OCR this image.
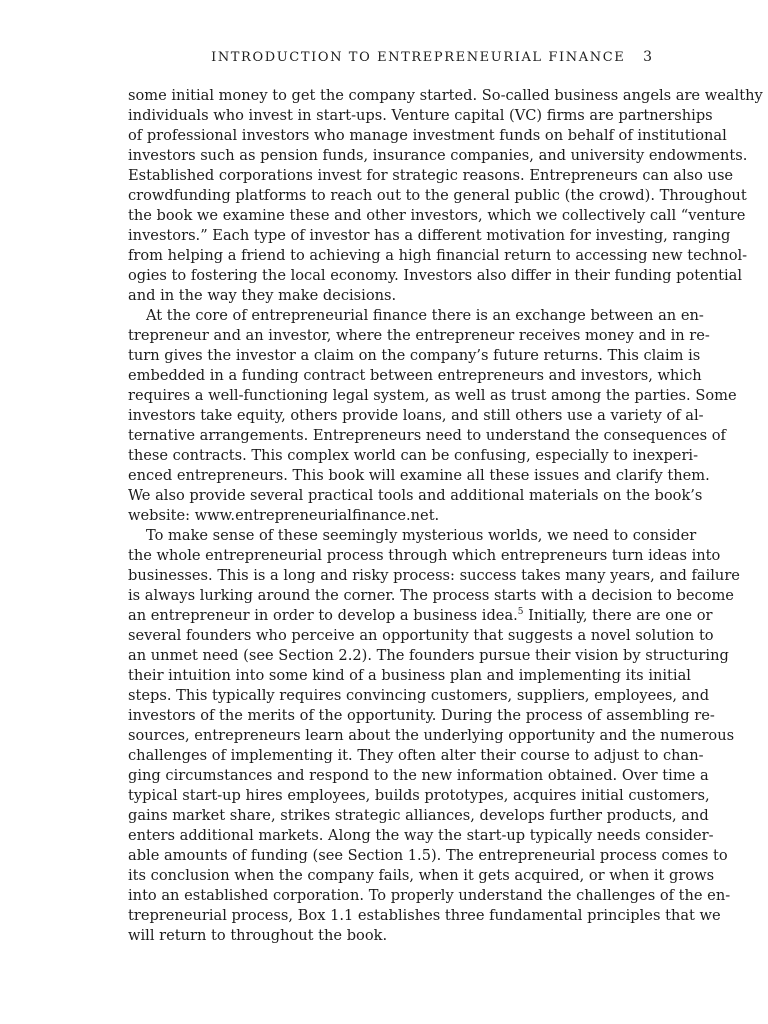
INTRODUCTION TO ENTREPRENEURIAL FINANCE 3
some initial money to get the company started. So-called business angels are wealthy
individuals who invest in start-ups. Venture capital (VC) firms are partnerships
of professional investors who manage investment funds on behalf of institutional
investors such as pension funds, insurance companies, and university endowments.
Established corporations invest for strategic reasons. Entrepreneurs can also use
crowdfunding platforms to reach out to the general public (the crowd). Throughout
the book we examine these and other investors, which we collectively call “venture
investors.” Each type of investor has a different motivation for investing, ranging
from helping a friend to achieving a high financial return to accessing new technol-
ogies to fostering the local economy. Investors also differ in their funding potential
and in the way they make decisions.
At the core of entrepreneurial finance there is an exchange between an en-
trepreneur and an investor, where the entrepreneur receives money and in re-
turn gives the investor a claim on the company’s future returns. This claim is
embedded in a funding contract between entrepreneurs and investors, which
requires a well-functioning legal system, as well as trust among the parties. Some
investors take equity, others provide loans, and still others use a variety of al-
ternative arrangements. Entrepreneurs need to understand the consequences of
these contracts. This complex world can be confusing, especially to inexperi-
enced entrepreneurs. This book will examine all these issues and clarify them.
We also provide several practical tools and additional materials on the book’s
website: www.entrepreneurialfinance.net.
To make sense of these seemingly mysterious worlds, we need to consider
the whole entrepreneurial process through which entrepreneurs turn ideas into
businesses. This is a long and risky process: success takes many years, and failure
is always lurking around the corner. The process starts with a decision to become
an entrepreneur in order to develop a business idea.$^5$ Initially, there are one or
several founders who perceive an opportunity that suggests a novel solution to
an unmet need (see Section 2.2). The founders pursue their vision by structuring
their intuition into some kind of a business plan and implementing its initial
steps. This typically requires convincing customers, suppliers, employees, and
investors of the merits of the opportunity. During the process of assembling re-
sources, entrepreneurs learn about the underlying opportunity and the numerous
challenges of implementing it. They often alter their course to adjust to chan-
ging circumstances and respond to the new information obtained. Over time a
typical start-up hires employees, builds prototypes, acquires initial customers,
gains market share, strikes strategic alliances, develops further products, and
enters additional markets. Along the way the start-up typically needs consider-
able amounts of funding (see Section 1.5). The entrepreneurial process comes to
its conclusion when the company fails, when it gets acquired, or when it grows
into an established corporation. To properly understand the challenges of the en-
trepreneurial process, Box 1.1 establishes three fundamental principles that we
will return to throughout the book.
